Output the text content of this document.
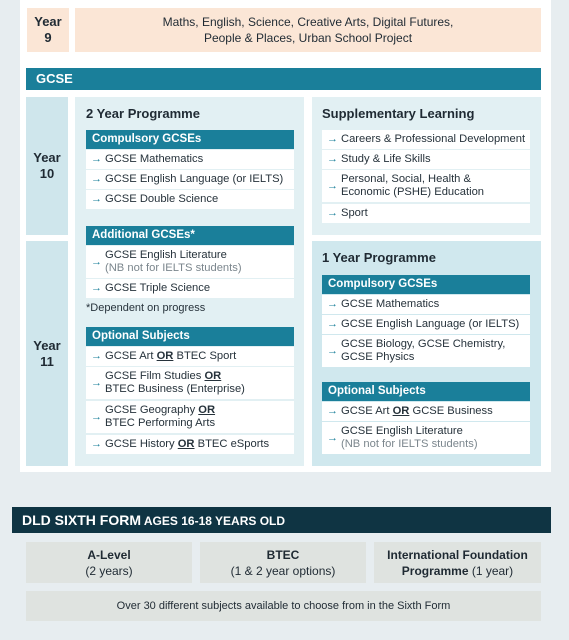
Year
9
Maths, English, Science, Creative Arts, Digital Futures,
People & Places, Urban School Project
GCSE
Year
10
Year
11
2 Year Programme
Compulsory GCSEs
→ GCSE Mathematics
→ GCSE English Language (or IELTS)
→ GCSE Double Science
Additional GCSEs*
→
GCSE English Literature
(NB not for IELTS students)
→ GCSE Triple Science
*Dependent on progress
Optional Subjects
→ GCSE Art OR BTEC Sport
→
GCSE Film Studies OR
BTEC Business (Enterprise)
→
GCSE Geography OR
BTEC Performing Arts
→ GCSE History OR BTEC eSports
Supplementary Learning
→ Careers & Professional Development
→ Study & Life Skills
→
Personal, Social, Health &
Economic (PSHE) Education
→ Sport
1 Year Programme
Compulsory GCSEs
→ GCSE Mathematics
→ GCSE English Language (or IELTS)
→
GCSE Biology, GCSE Chemistry,
GCSE Physics
Optional Subjects
→ GCSE Art OR GCSE Business
→
GCSE English Literature
(NB not for IELTS students)
DLD SIXTH FORM AGES 16-18 YEARS OLD
A-Level
(2 years)
BTEC
(1 & 2 year options)
International Foundation
Programme (1 year)
Over 30 different subjects available to choose from in the Sixth Form
